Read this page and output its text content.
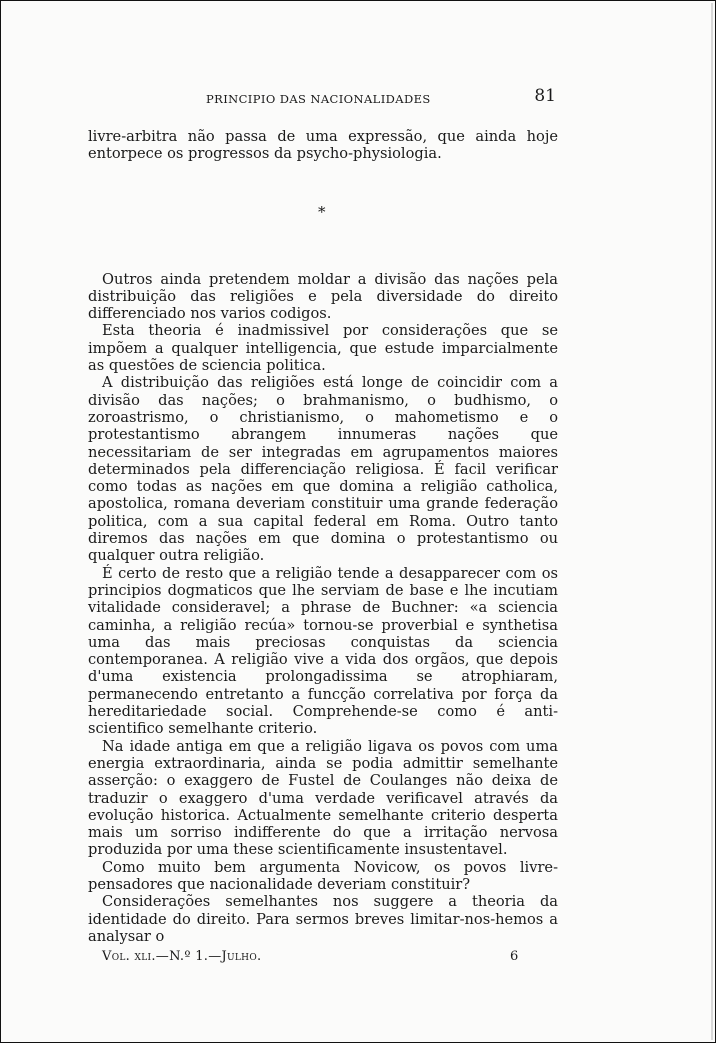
PRINCIPIO DAS NACIONALIDADES	81

livre-arbitra não passa de uma expressão, que ainda hoje entorpece os progressos da psycho-physiologia.

*

Outros ainda pretendem moldar a divisão das nações pela distribuição das religiões e pela diversidade do direito differenciado nos varios codigos.

Esta theoria é inadmissivel por considerações que se impõem a qualquer intelligencia, que estude imparcialmente as questões de sciencia politica.

A distribuição das religiões está longe de coincidir com a divisão das nações; o brahmanismo, o budhismo, o zoroastrismo, o christianismo, o mahometismo e o protestantismo abrangem innumeras nações que necessitariam de ser integradas em agrupamentos maiores determinados pela differenciação religiosa. É facil verificar como todas as nações em que domina a religião catholica, apostolica, romana deveriam constituir uma grande federação politica, com a sua capital federal em Roma. Outro tanto diremos das nações em que domina o protestantismo ou qualquer outra religião.

É certo de resto que a religião tende a desapparecer com os principios dogmaticos que lhe serviam de base e lhe incutiam vitalidade consideravel; a phrase de Buchner: «a sciencia caminha, a religião recúa» tornou-se proverbial e synthetisa uma das mais preciosas conquistas da sciencia contemporanea. A religião vive a vida dos orgãos, que depois d'uma existencia prolongadissima se atrophiaram, permanecendo entretanto a funcção correlativa por força da hereditariedade social. Comprehende-se como é anti-scientifico semelhante criterio.

Na idade antiga em que a religião ligava os povos com uma energia extraordinaria, ainda se podia admittir semelhante asserção: o exaggero de Fustel de Coulanges não deixa de traduzir o exaggero d'uma verdade verificavel através da evolução historica. Actualmente semelhante criterio desperta mais um sorriso indifferente do que a irritação nervosa produzida por uma these scientificamente insustentavel.

Como muito bem argumenta Novicow, os povos livre-pensadores que nacionalidade deveriam constituir?

Considerações semelhantes nos suggere a theoria da identidade do direito. Para sermos breves limitar-nos-hemos a analysar o

Vol. xli.—N.º 1.—Julho.	6
